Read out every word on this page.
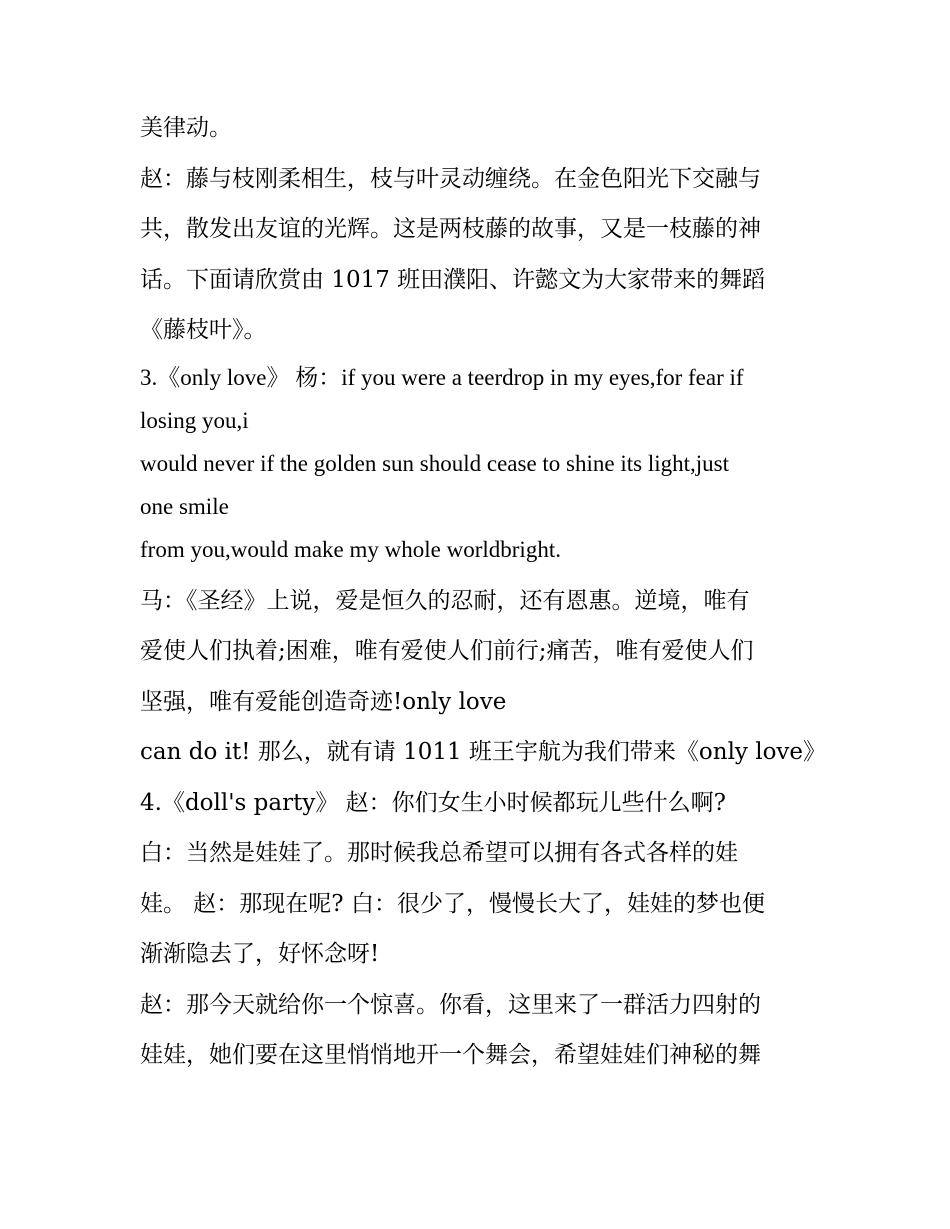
美律动。
赵：藤与枝刚柔相生，枝与叶灵动缠绕。在金色阳光下交融与
共，散发出友谊的光辉。这是两枝藤的故事，又是一枝藤的神
话。下面请欣赏由 1017 班田濮阳、许懿文为大家带来的舞蹈
《藤枝叶》。
3.《only love》 杨：if you were a teerdrop in my eyes,for fear if
losing you,i
would never if the golden sun should cease to shine its light,just
one smile
from you,would make my whole worldbright.
马：《圣经》上说，爱是恒久的忍耐，还有恩惠。逆境，唯有
爱使人们执着;困难，唯有爱使人们前行;痛苦，唯有爱使人们
坚强，唯有爱能创造奇迹!only love
can do it! 那么，就有请 1011 班王宇航为我们带来《only love》
4.《doll's party》 赵：你们女生小时候都玩儿些什么啊?
白：当然是娃娃了。那时候我总希望可以拥有各式各样的娃
娃。 赵：那现在呢? 白：很少了，慢慢长大了，娃娃的梦也便
渐渐隐去了，好怀念呀!
赵：那今天就给你一个惊喜。你看，这里来了一群活力四射的
娃娃，她们要在这里悄悄地开一个舞会，希望娃娃们神秘的舞
